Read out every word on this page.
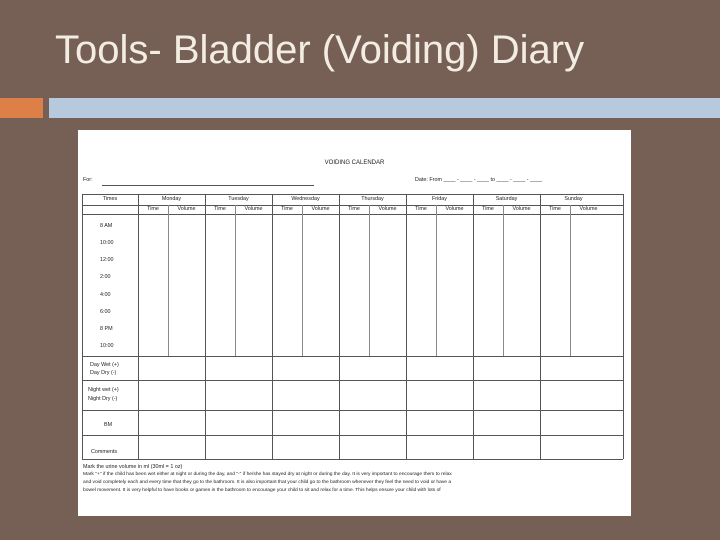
Tools- Bladder (Voiding) Diary
VOIDING CALENDAR
For:	Date: From ____ - ____ - ____ to ____ - ____ - ____
Times	Monday	Tuesday	Wednesday	Thursday	Friday	Saturday	Sunday
Time	Volume	Time	Volume	Time	Volume	Time	Volume	Time	Volume	Time	Volume	Time	Volume
8 AM
10:00
12:00
2:00
4:00
6:00
8 PM
10:00
Day Wet (+)
Day Dry (-)
Night wet (+)
Night Dry (-)
BM
Comments
Mark the urine volume in ml (30ml = 1 oz)
Mark "+" if the child has been wet either at night or during the day, and "-" if he/she has stayed dry at night or during the day. It is very important to encourage them to relax
and void completely each and every time that they go to the bathroom. It is also important that your child go to the bathroom whenever they feel the need to void or have a
bowel movement. It is very helpful to have books or games in the bathroom to encourage your child to sit and relax for a time. This helps ensure your child with lots of
